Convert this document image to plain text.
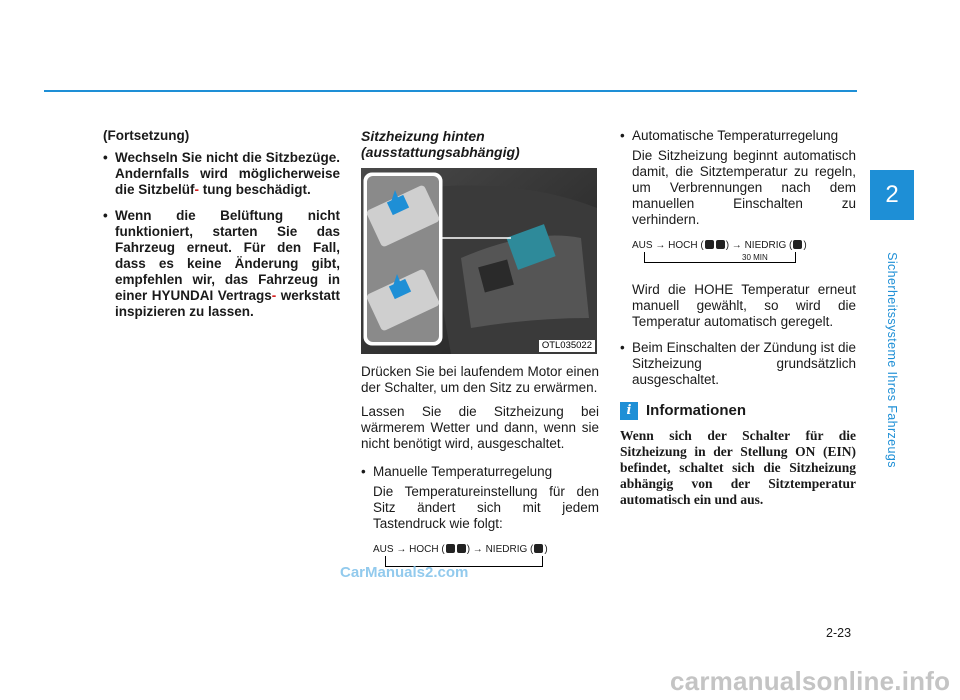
2
Sicherheitssysteme Ihres Fahrzeugs
(Fortsetzung)
• Wechseln Sie nicht die Sitzbezüge. Andernfalls wird möglicherweise die Sitzbelüf- tung beschädigt.
• Wenn die Belüftung nicht funktioniert, starten Sie das Fahrzeug erneut. Für den Fall, dass es keine Änderung gibt, empfehlen wir, das Fahrzeug in einer HYUNDAI Vertrags- werkstatt inspizieren zu lassen.
Sitzheizung hinten
(ausstattungsabhängig)
OTL035022
Drücken Sie bei laufendem Motor einen der Schalter, um den Sitz zu erwärmen.
Lassen Sie die Sitzheizung bei wärmerem Wetter und dann, wenn sie nicht benötigt wird, ausgeschaltet.
• Manuelle Temperaturregelung
Die Temperatureinstellung für den Sitz ändert sich mit jedem Tastendruck wie folgt:
AUS → HOCH ( ) → NIEDRIG ( )
• Automatische Temperaturregelung
Die Sitzheizung beginnt automatisch damit, die Sitztemperatur zu regeln, um Verbrennungen nach dem manuellen Einschalten zu verhindern.
AUS → HOCH ( ) → NIEDRIG ( )
30 MIN
Wird die HOHE Temperatur erneut manuell gewählt, so wird die Temperatur automatisch geregelt.
• Beim Einschalten der Zündung ist die Sitzheizung grundsätzlich ausgeschaltet.
i Informationen
Wenn sich der Schalter für die Sitzheizung in der Stellung ON (EIN) befindet, schaltet sich die Sitzheizung abhängig von der Sitztemperatur automatisch ein und aus.
2-23
CarManuals2.com
carmanualsonline.info
